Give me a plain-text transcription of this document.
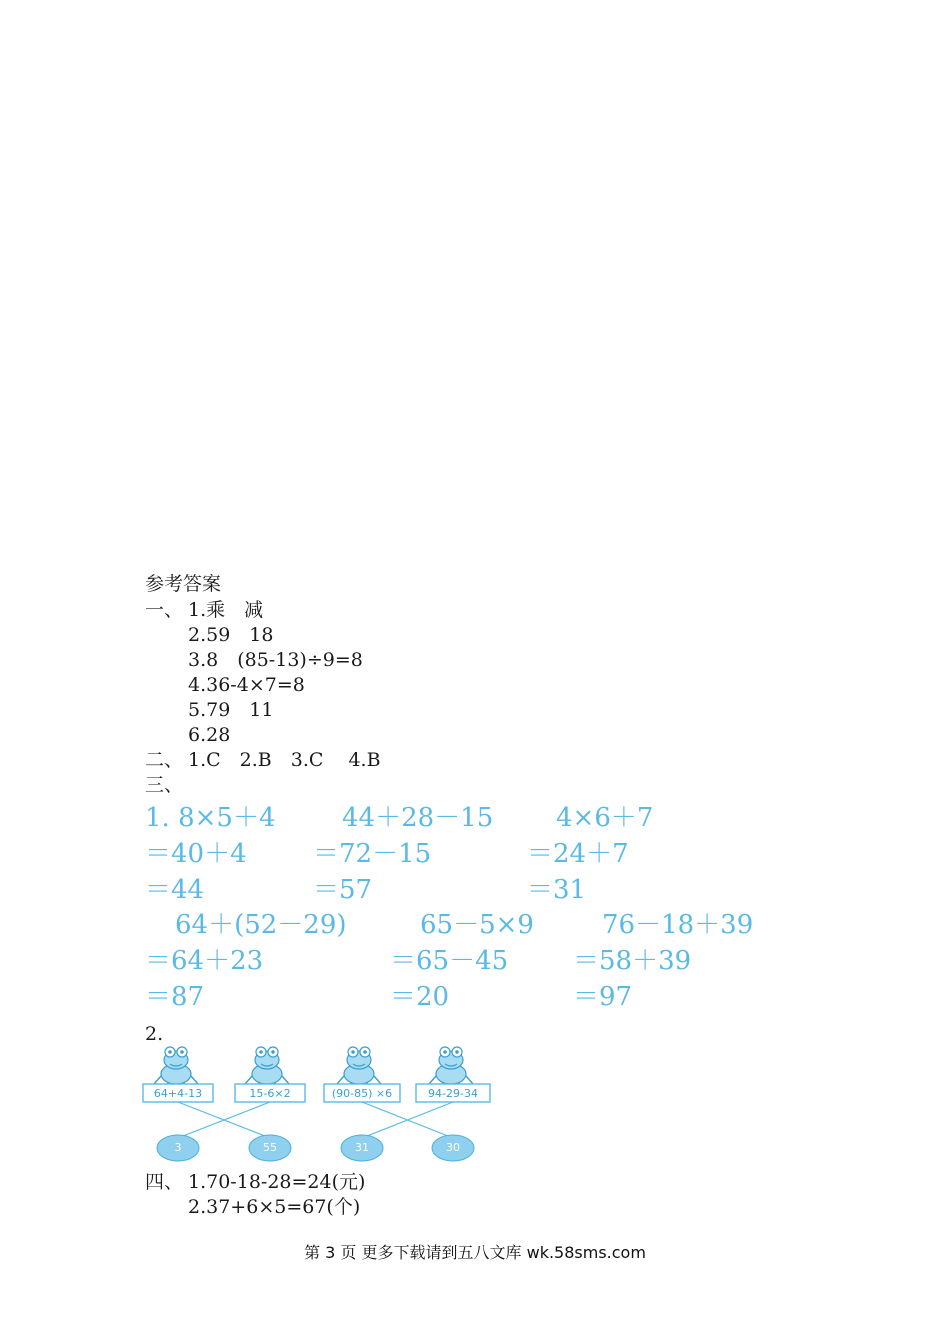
参考答案
一、 1.乘　减
2.59　18
3.8　(85-13)÷9=8
4.36-4×7=8
5.79　11
6.28
二、 1.C　2.B　3.C　 4.B
三、
1. 8×5＋4
＝40＋4
＝44
44＋28－15
＝72－15
＝57
4×6＋7
＝24＋7
＝31
64＋(52－29)
＝64＋23
＝87
65－5×9
＝65－45
＝20
76－18＋39
＝58＋39
＝97
2.
64+4-13	15-6×2	(90-85) ×6	94-29-34
3	55	31	30
四、 1.70-18-28=24(元)
2.37+6×5=67(个)
第 3 页 更多下载请到五八文库 wk.58sms.com
